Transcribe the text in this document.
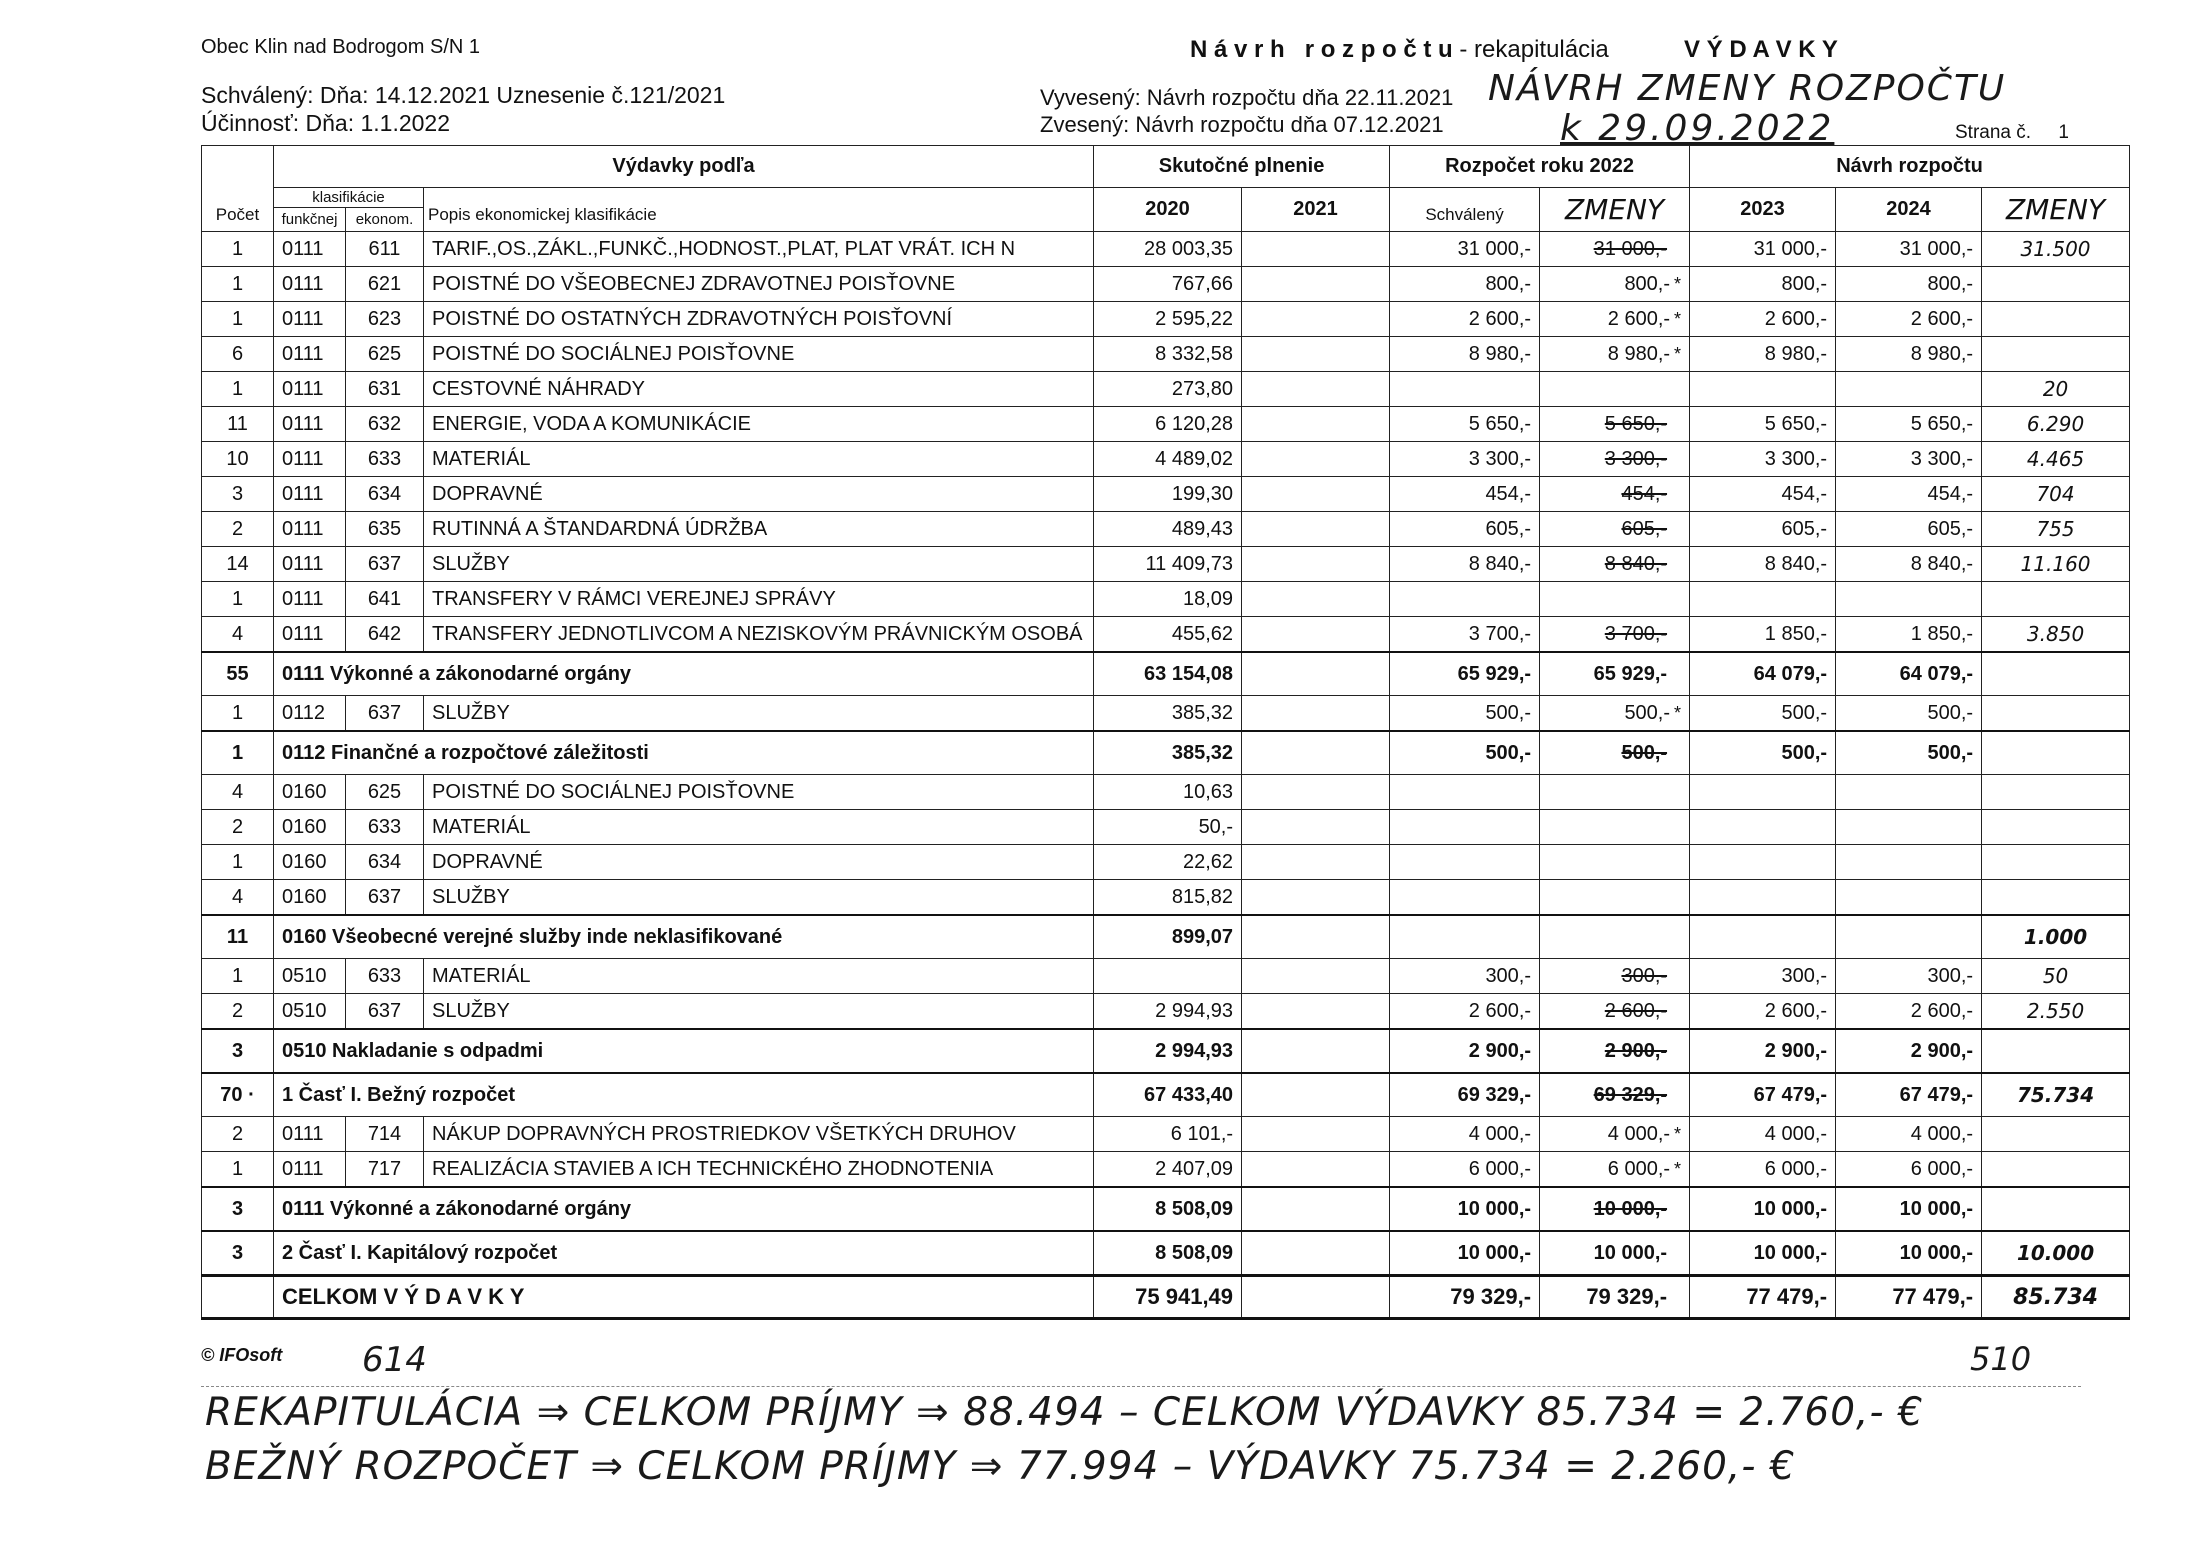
Obec Klin nad Bodrogom S/N 1
Schválený: Dňa: 14.12.2021 Uznesenie č.121/2021
Účinnosť: Dňa: 1.1.2022
N á v r h   r o z p o č t u - rekapitulácia	V Ý D A V K Y
Vyvesený: Návrh rozpočtu dňa 22.11.2021
Zvesený: Návrh rozpočtu dňa 07.12.2021
NÁVRH ZMENY ROZPOČTU
k 29.09.2022	Strana č. 1
	Výdavky podľa			Skutočné plnenie		Rozpočet roku 2022		Návrh rozpočtu		
Počet	klasifikácie		Popis ekonomickej klasifikácie	2020	2021	Schválený	ZMENY	2023	2024	ZMENY
	funkčnej	ekonom.								
1	0111	611	TARIF.,OS.,ZÁKL.,FUNKČ.,HODNOST.,PLAT, PLAT VRÁT. ICH N	28 003,35		31 000,-	31 000,-	31 000,-	31 000,-	31.500
1	0111	621	POISTNÉ DO VŠEOBECNEJ ZDRAVOTNEJ POISŤOVNE	767,66		800,-	800,- *	800,-	800,-	
1	0111	623	POISTNÉ DO OSTATNÝCH ZDRAVOTNÝCH POISŤOVNÍ	2 595,22		2 600,-	2 600,- *	2 600,-	2 600,-	
6	0111	625	POISTNÉ DO SOCIÁLNEJ POISŤOVNE	8 332,58		8 980,-	8 980,- *	8 980,-	8 980,-	
1	0111	631	CESTOVNÉ NÁHRADY	273,80						20
11	0111	632	ENERGIE, VODA A KOMUNIKÁCIE	6 120,28		5 650,-	5 650,-	5 650,-	5 650,-	6.290
10	0111	633	MATERIÁL	4 489,02		3 300,-	3 300,-	3 300,-	3 300,-	4.465
3	0111	634	DOPRAVNÉ	199,30		454,-	454,-	454,-	454,-	704
2	0111	635	RUTINNÁ A ŠTANDARDNÁ ÚDRŽBA	489,43		605,-	605,-	605,-	605,-	755
14	0111	637	SLUŽBY	11 409,73		8 840,-	8 840,-	8 840,-	8 840,-	11.160
1	0111	641	TRANSFERY V RÁMCI VEREJNEJ SPRÁVY	18,09						
4	0111	642	TRANSFERY JEDNOTLIVCOM A NEZISKOVÝM PRÁVNICKÝM OSOBÁ	455,62		3 700,-	3 700,-	1 850,-	1 850,-	3.850
55	0111 Výkonné a zákonodarné orgány			63 154,08		65 929,-	65 929,-	64 079,-	64 079,-	
1	0112	637	SLUŽBY	385,32		500,-	500,- *	500,-	500,-	
1	0112 Finančné a rozpočtové záležitosti			385,32		500,-	500,-	500,-	500,-	
4	0160	625	POISTNÉ DO SOCIÁLNEJ POISŤOVNE	10,63						
2	0160	633	MATERIÁL	50,-						
1	0160	634	DOPRAVNÉ	22,62						
4	0160	637	SLUŽBY	815,82						
11	0160 Všeobecné verejné služby inde neklasifikované			899,07						1.000
1	0510	633	MATERIÁL			300,-	300,-	300,-	300,-	50
2	0510	637	SLUŽBY	2 994,93		2 600,-	2 600,-	2 600,-	2 600,-	2.550
3	0510 Nakladanie s odpadmi			2 994,93		2 900,-	2 900,-	2 900,-	2 900,-	
70 ·	1 Časť I. Bežný rozpočet			67 433,40		69 329,-	69 329,-	67 479,-	67 479,-	75.734
2	0111	714	NÁKUP DOPRAVNÝCH PROSTRIEDKOV VŠETKÝCH DRUHOV	6 101,-		4 000,-	4 000,- *	4 000,-	4 000,-	
1	0111	717	REALIZÁCIA STAVIEB A ICH TECHNICKÉHO ZHODNOTENIA	2 407,09		6 000,-	6 000,- *	6 000,-	6 000,-	
3	0111 Výkonné a zákonodarné orgány			8 508,09		10 000,-	10 000,-	10 000,-	10 000,-	
3	2 Časť I. Kapitálový rozpočet			8 508,09		10 000,-	10 000,-	10 000,-	10 000,-	10.000
	CELKOM V Ý D A V K Y			75 941,49		79 329,-	79 329,-	77 479,-	77 479,-	85.734
© IFOsoft 614	510
REKAPITULÁCIA ⇒ CELKOM PRÍJMY ⇒ 88.494 – CELKOM VÝDAVKY 85.734 = 2.760,- €
BEŽNÝ ROZPOČET ⇒ CELKOM PRÍJMY ⇒ 77.994 – VÝDAVKY 75.734 = 2.260,- €
